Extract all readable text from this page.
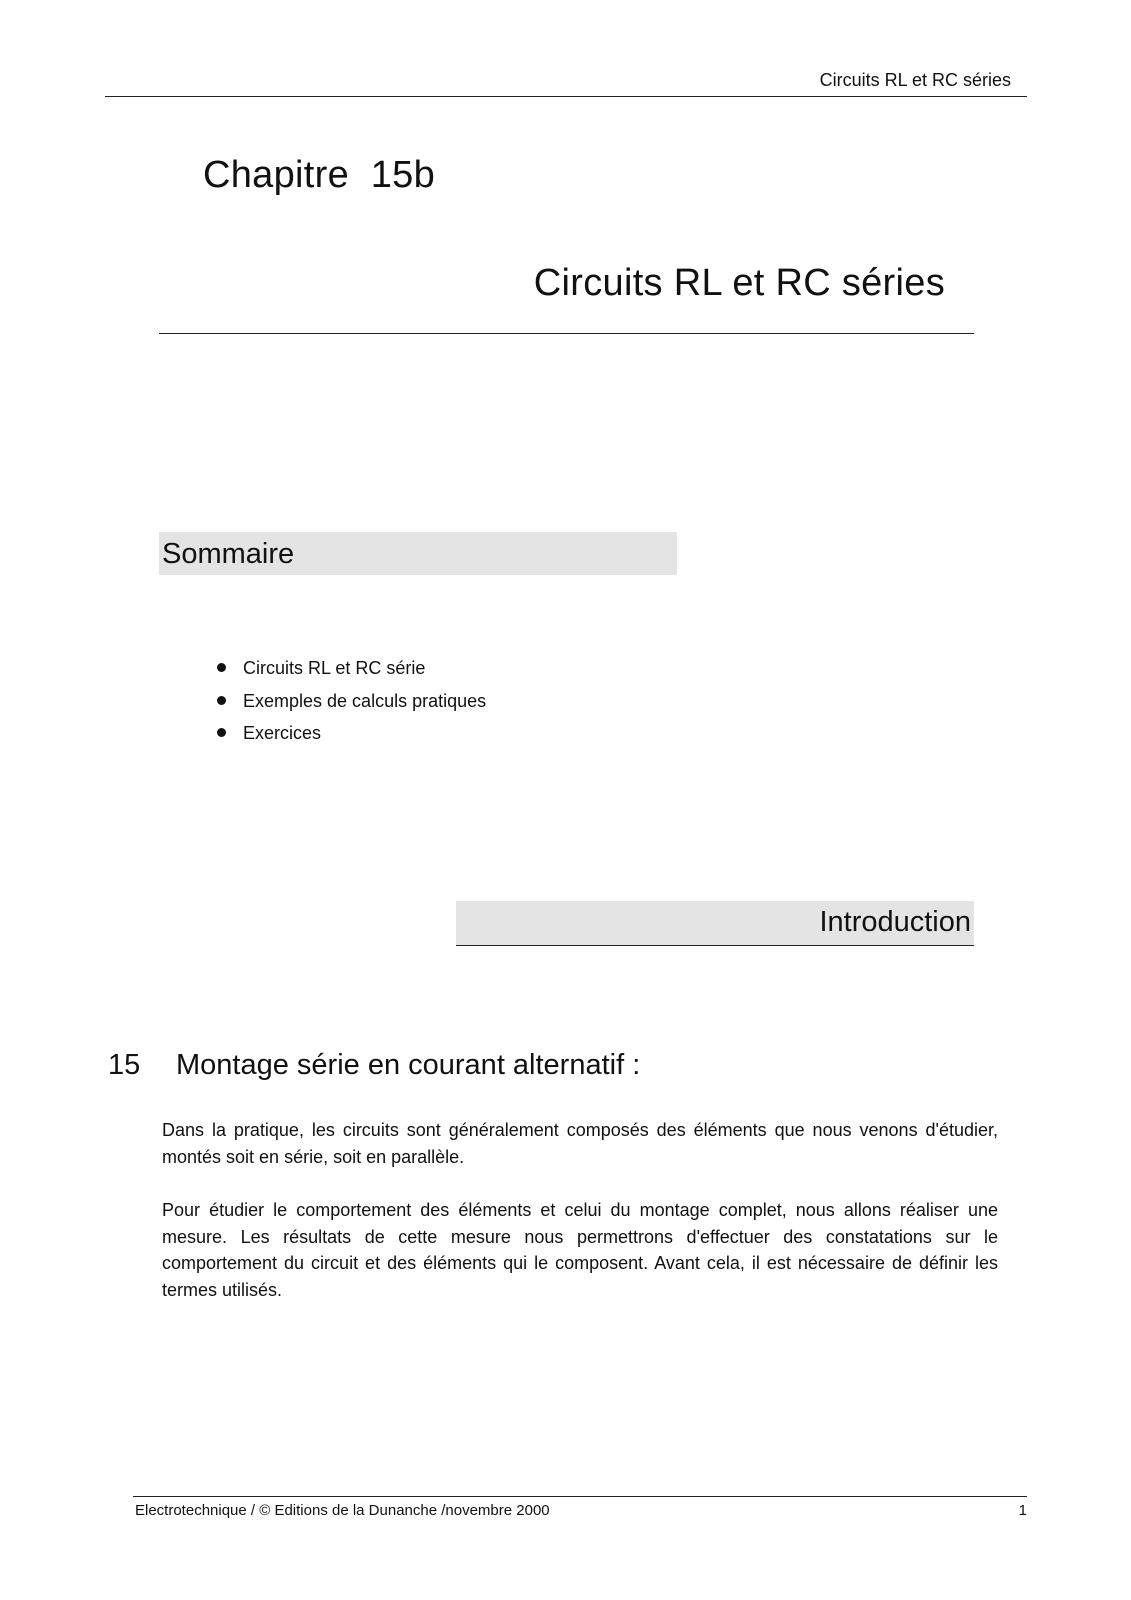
Circuits RL et RC séries
Chapitre  15b
Circuits RL et RC séries
Sommaire
Circuits RL et RC série
Exemples de calculs pratiques
Exercices
Introduction
15 Montage série en courant alternatif :

Dans la pratique, les circuits sont généralement composés des éléments que nous venons d'étudier, montés soit en série, soit en parallèle.

Pour étudier le comportement des éléments et celui du montage complet, nous allons réaliser une mesure. Les résultats de cette mesure nous permettrons d'effectuer des constatations sur le comportement du circuit et des éléments qui le composent. Avant cela, il est nécessaire de définir les termes utilisés.

Electrotechnique / © Editions de la Dunanche /novembre 2000	1
